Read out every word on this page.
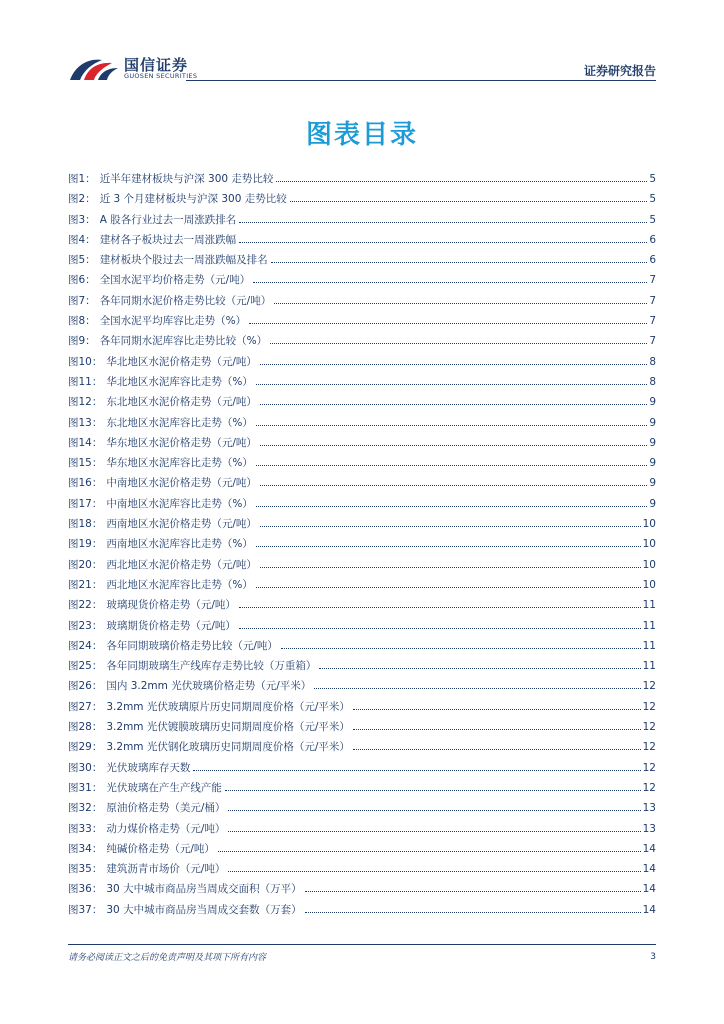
国信证券
GUOSEN SECURITIES	证券研究报告
图表目录
图1： 近半年建材板块与沪深 300 走势比较	5
图2： 近 3 个月建材板块与沪深 300 走势比较	5
图3： A 股各行业过去一周涨跌排名	5
图4： 建材各子板块过去一周涨跌幅	6
图5： 建材板块个股过去一周涨跌幅及排名	6
图6： 全国水泥平均价格走势（元/吨）	7
图7： 各年同期水泥价格走势比较（元/吨）	7
图8： 全国水泥平均库容比走势（%）	7
图9： 各年同期水泥库容比走势比较（%）	7
图10： 华北地区水泥价格走势（元/吨）	8
图11： 华北地区水泥库容比走势（%）	8
图12： 东北地区水泥价格走势（元/吨）	9
图13： 东北地区水泥库容比走势（%）	9
图14： 华东地区水泥价格走势（元/吨）	9
图15： 华东地区水泥库容比走势（%）	9
图16： 中南地区水泥价格走势（元/吨）	9
图17： 中南地区水泥库容比走势（%）	9
图18： 西南地区水泥价格走势（元/吨）	10
图19： 西南地区水泥库容比走势（%）	10
图20： 西北地区水泥价格走势（元/吨）	10
图21： 西北地区水泥库容比走势（%）	10
图22： 玻璃现货价格走势（元/吨）	11
图23： 玻璃期货价格走势（元/吨）	11
图24： 各年同期玻璃价格走势比较（元/吨）	11
图25： 各年同期玻璃生产线库存走势比较（万重箱）	11
图26： 国内 3.2mm 光伏玻璃价格走势（元/平米）	12
图27： 3.2mm 光伏玻璃原片历史同期周度价格（元/平米）	12
图28： 3.2mm 光伏镀膜玻璃历史同期周度价格（元/平米）	12
图29： 3.2mm 光伏钢化玻璃历史同期周度价格（元/平米）	12
图30： 光伏玻璃库存天数	12
图31： 光伏玻璃在产生产线产能	12
图32： 原油价格走势（美元/桶）	13
图33： 动力煤价格走势（元/吨）	13
图34： 纯碱价格走势（元/吨）	14
图35： 建筑沥青市场价（元/吨）	14
图36： 30 大中城市商品房当周成交面积（万平）	14
图37： 30 大中城市商品房当周成交套数（万套）	14
请务必阅读正文之后的免责声明及其项下所有内容	3
